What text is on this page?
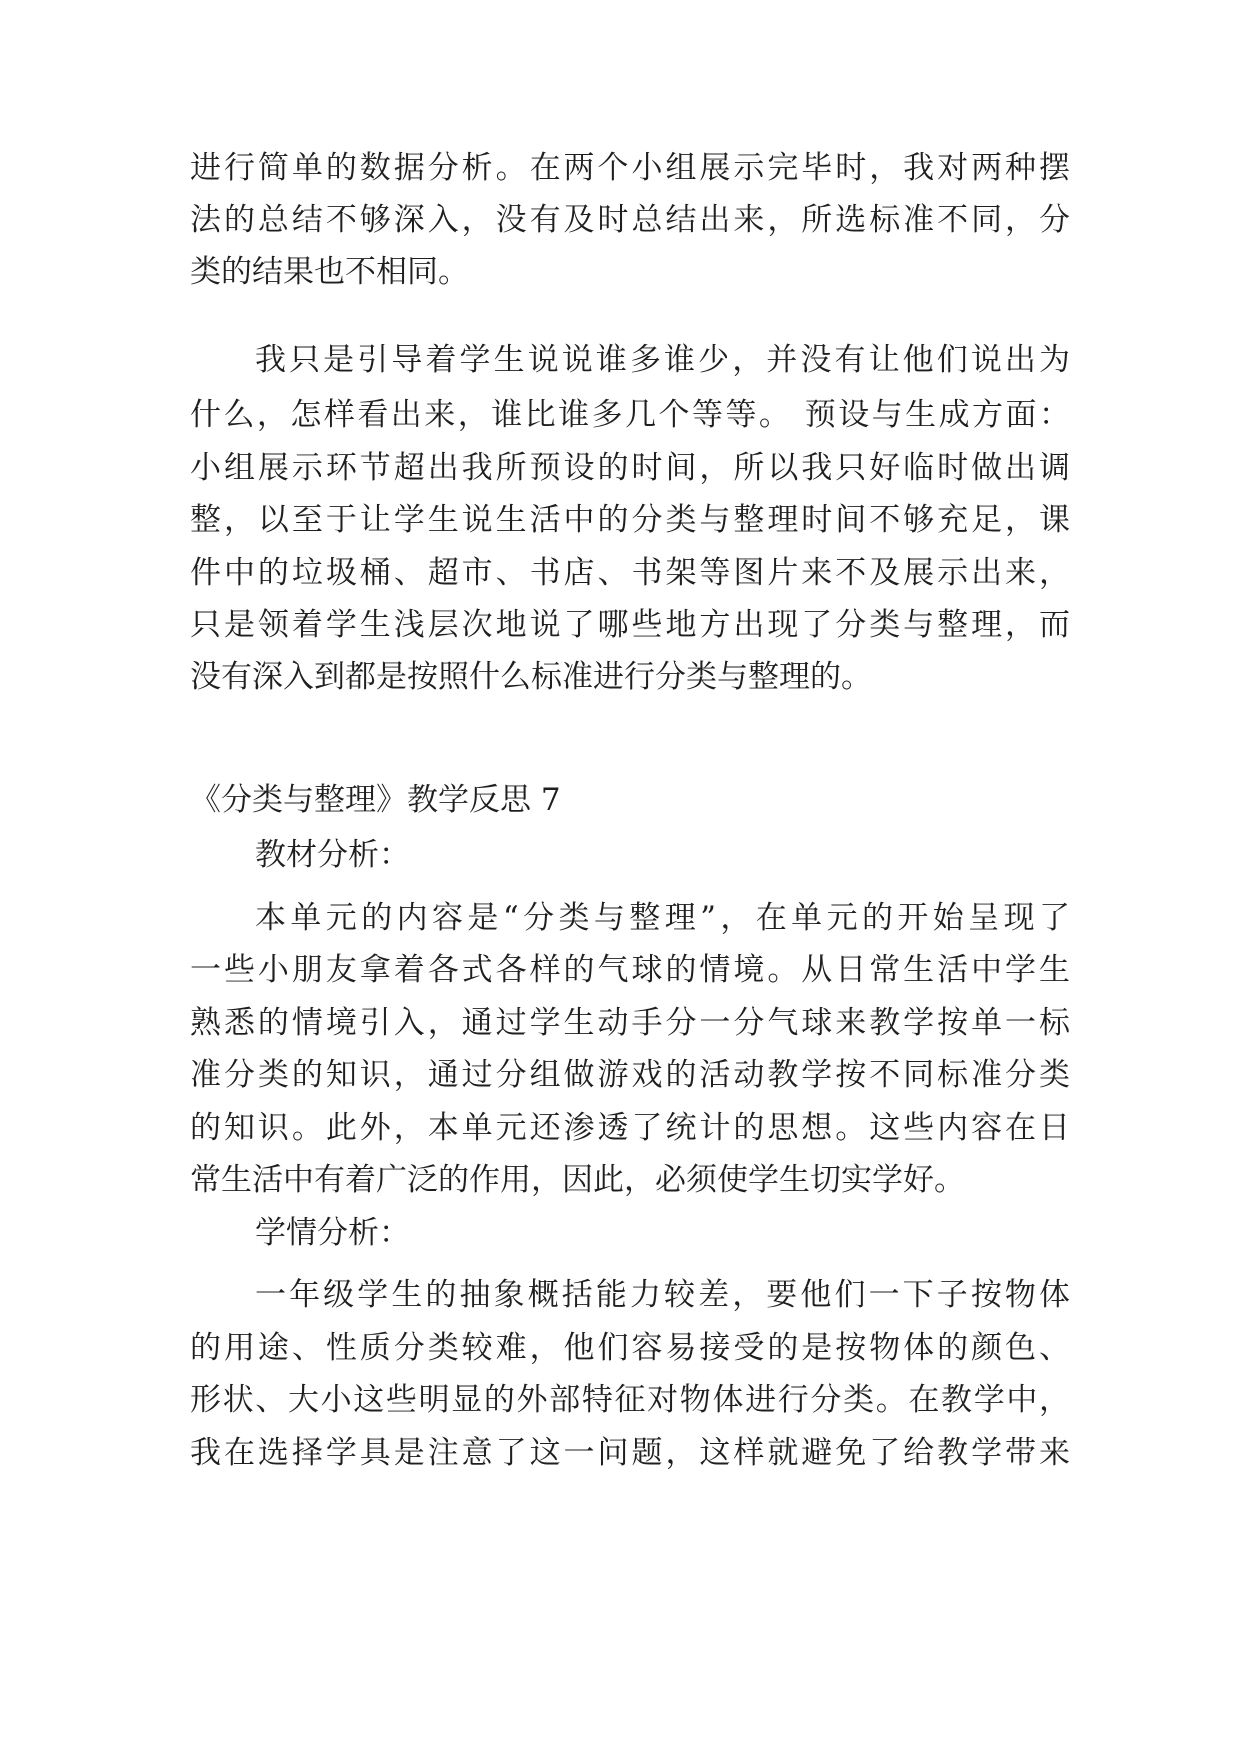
进行简单的数据分析。在两个小组展示完毕时，我对两种摆
法的总结不够深入，没有及时总结出来，所选标准不同，分
类的结果也不相同。
我只是引导着学生说说谁多谁少，并没有让他们说出为
什么，怎样看出来，谁比谁多几个等等。 预设与生成方面：
小组展示环节超出我所预设的时间，所以我只好临时做出调
整，以至于让学生说生活中的分类与整理时间不够充足，课
件中的垃圾桶、超市、书店、书架等图片来不及展示出来，
只是领着学生浅层次地说了哪些地方出现了分类与整理，而
没有深入到都是按照什么标准进行分类与整理的。
《分类与整理》教学反思 7
教材分析：
本单元的内容是“分类与整理”，在单元的开始呈现了
一些小朋友拿着各式各样的气球的情境。从日常生活中学生
熟悉的情境引入，通过学生动手分一分气球来教学按单一标
准分类的知识，通过分组做游戏的活动教学按不同标准分类
的知识。此外，本单元还渗透了统计的思想。这些内容在日
常生活中有着广泛的作用，因此，必须使学生切实学好。
学情分析：
一年级学生的抽象概括能力较差，要他们一下子按物体
的用途、性质分类较难，他们容易接受的是按物体的颜色、
形状、大小这些明显的外部特征对物体进行分类。在教学中，
我在选择学具是注意了这一问题，这样就避免了给教学带来
